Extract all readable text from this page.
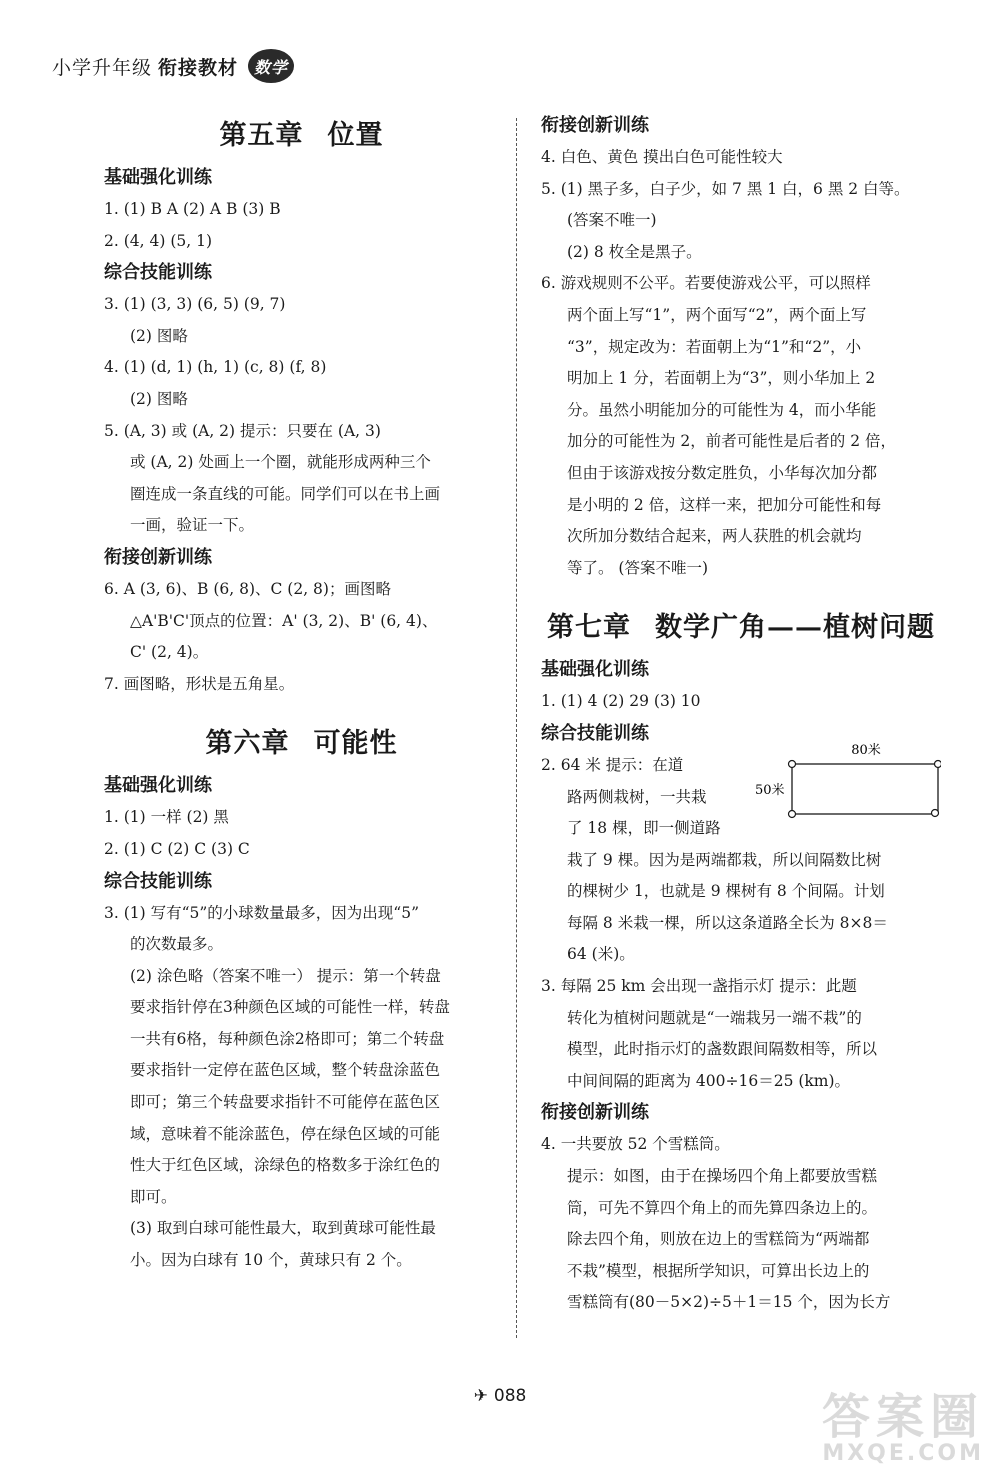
小学升年级 衔接教材 数学
第五章 位置
基础强化训练
1. (1) B A (2) A B (3) B
2. (4, 4) (5, 1)
综合技能训练
3. (1) (3, 3) (6, 5) (9, 7)
(2) 图略
4. (1) (d, 1) (h, 1) (c, 8) (f, 8)
(2) 图略
5. (A, 3) 或 (A, 2) 提示：只要在 (A, 3)
或 (A, 2) 处画上一个圈，就能形成两种三个
圈连成一条直线的可能。同学们可以在书上画
一画，验证一下。
衔接创新训练
6. A (3, 6)、B (6, 8)、C (2, 8)；画图略
△A'B'C'顶点的位置：A' (3, 2)、B' (6, 4)、
C' (2, 4)。
7. 画图略，形状是五角星。
第六章 可能性
基础强化训练
1. (1) 一样 (2) 黑
2. (1) C (2) C (3) C
综合技能训练
3. (1) 写有“5”的小球数量最多，因为出现“5”
的次数最多。
(2) 涂色略（答案不唯一） 提示：第一个转盘
要求指针停在3种颜色区域的可能性一样，转盘
一共有6格，每种颜色涂2格即可；第二个转盘
要求指针一定停在蓝色区域，整个转盘涂蓝色
即可；第三个转盘要求指针不可能停在蓝色区
域，意味着不能涂蓝色，停在绿色区域的可能
性大于红色区域，涂绿色的格数多于涂红色的
即可。
(3) 取到白球可能性最大，取到黄球可能性最
小。因为白球有 10 个，黄球只有 2 个。
衔接创新训练
4. 白色、黄色 摸出白色可能性较大
5. (1) 黑子多，白子少，如 7 黑 1 白，6 黑 2 白等。
(答案不唯一)
(2) 8 枚全是黑子。
6. 游戏规则不公平。若要使游戏公平，可以照样
两个面上写“1”，两个面写“2”，两个面上写
“3”，规定改为：若面朝上为“1”和“2”，小
明加上 1 分，若面朝上为“3”，则小华加上 2
分。虽然小明能加分的可能性为 4，而小华能
加分的可能性为 2，前者可能性是后者的 2 倍，
但由于该游戏按分数定胜负，小华每次加分都
是小明的 2 倍，这样一来，把加分可能性和每
次所加分数结合起来，两人获胜的机会就均
等了。 (答案不唯一)
第七章 数学广角——植树问题
基础强化训练
1. (1) 4 (2) 29 (3) 10
综合技能训练
80米
50米
2. 64 米 提示：在道
路两侧栽树，一共栽
了 18 棵，即一侧道路
栽了 9 棵。因为是两端都栽，所以间隔数比树
的棵树少 1，也就是 9 棵树有 8 个间隔。计划
每隔 8 米栽一棵，所以这条道路全长为 8×8＝
64 (米)。
3. 每隔 25 km 会出现一盏指示灯 提示：此题
转化为植树问题就是“一端栽另一端不栽”的
模型，此时指示灯的盏数跟间隔数相等，所以
中间间隔的距离为 400÷16＝25 (km)。
衔接创新训练
4. 一共要放 52 个雪糕筒。
提示：如图，由于在操场四个角上都要放雪糕
筒，可先不算四个角上的而先算四条边上的。
除去四个角，则放在边上的雪糕筒为“两端都
不栽”模型，根据所学知识，可算出长边上的
雪糕筒有(80－5×2)÷5＋1＝15 个，因为长方
✈ 088	答案圈
MXQE.COM
